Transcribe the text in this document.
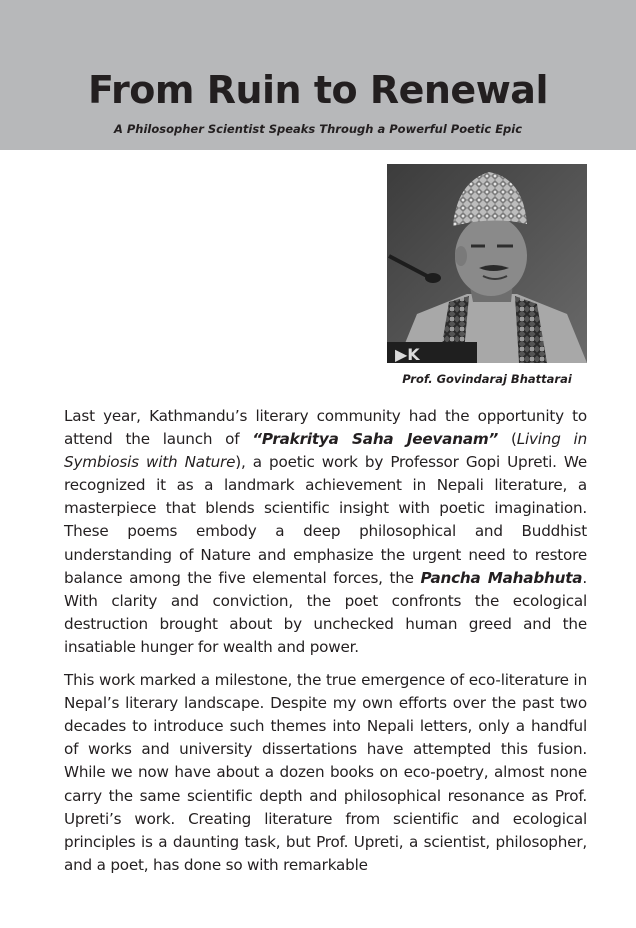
From Ruin to Renewal

A Philosopher Scientist Speaks Through a Powerful Poetic Epic

▶K

Prof. Govindaraj Bhattarai

Last year, Kathmandu’s literary community had the opportunity to attend the launch of “Prakritya Saha Jeevanam” (Living in Symbiosis with Nature), a poetic work by Professor Gopi Upreti. We recognized it as a landmark achievement in Nepali literature, a masterpiece that blends scientific insight with poetic imagination. These poems embody a deep philosophical and Buddhist understanding of Nature and emphasize the urgent need to restore balance among the five elemental forces, the Pancha Mahabhuta. With clarity and conviction, the poet confronts the ecological destruction brought about by unchecked human greed and the insatiable hunger for wealth and power.

This work marked a milestone, the true emergence of eco-literature in Nepal’s literary landscape. Despite my own efforts over the past two decades to introduce such themes into Nepali letters, only a handful of works and university dissertations have attempted this fusion. While we now have about a dozen books on eco-poetry, almost none carry the same scientific depth and philosophical resonance as Prof. Upreti’s work. Creating literature from scientific and ecological principles is a daunting task, but Prof. Upreti, a scientist, philosopher, and a poet, has done so with remarkable
